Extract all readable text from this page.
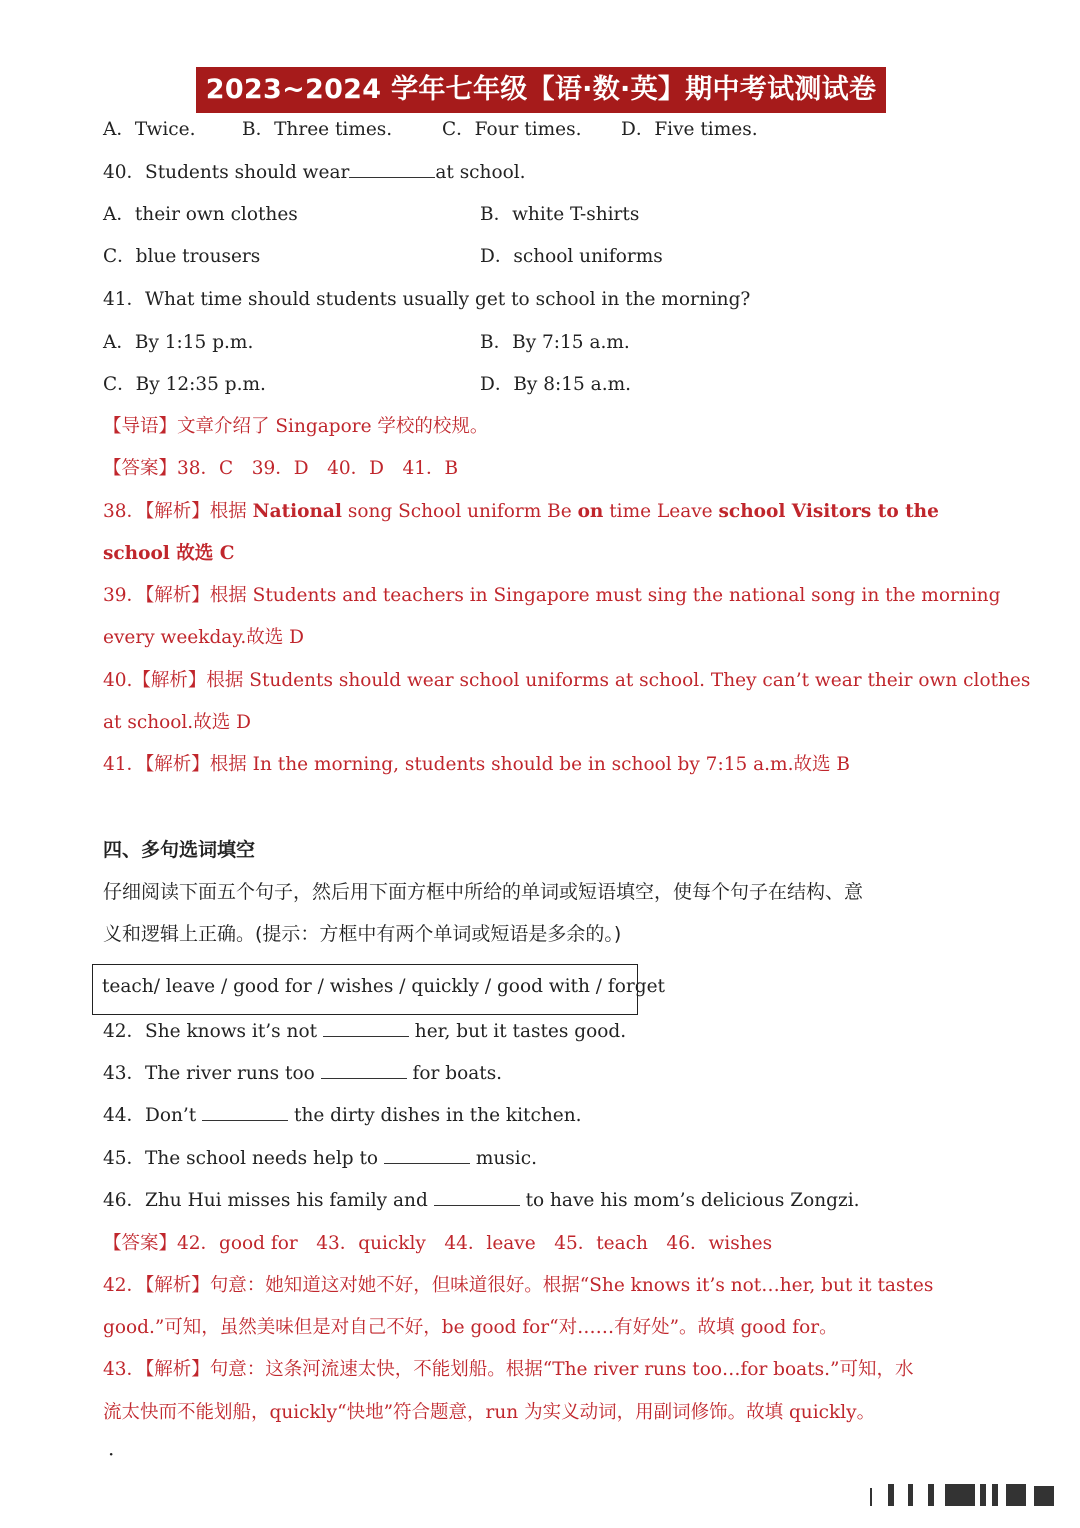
2023~2024 学年七年级【语·数·英】期中考试测试卷
A．Twice.	B．Three times.	C．Four times. D．Five times.
40．Students should wear	at school.
A．their own clothes	B．white T-shirts
C．blue trousers	D．school uniforms
41．What time should students usually get to school in the morning?
A．By 1:15 p.m.	B．By 7:15 a.m.
C．By 12:35 p.m.	D．By 8:15 a.m.
【导语】文章介绍了 Singapore 学校的校规。
【答案】38．C　39．D　40．D　41．B
38．【解析】根据 National song School uniform Be on time Leave school Visitors to the
school 故选 C
39．【解析】根据 Students and teachers in Singapore must sing the national song in the morning
every weekday.故选 D
40.【解析】根据 Students should wear school uniforms at school. They can’t wear their own clothes
at school.故选 D
41．【解析】根据 In the morning, students should be in school by 7:15 a.m.故选 B
四、多句选词填空
仔细阅读下面五个句子，然后用下面方框中所给的单词或短语填空，使每个句子在结构、意
义和逻辑上正确。(提示：方框中有两个单词或短语是多余的。)
teach/ leave / good for / wishes / quickly / good with / forget
42．She knows it’s not	her, but it tastes good.
43．The river runs too	for boats.
44．Don’t	the dirty dishes in the kitchen.
45．The school needs help to	music.
46．Zhu Hui misses his family and	to have his mom’s delicious Zongzi.
【答案】42．good for　43．quickly　44．leave　45．teach　46．wishes
42．【解析】句意：她知道这对她不好，但味道很好。根据“She knows it’s not…her, but it tastes
good.”可知，虽然美味但是对自己不好，be good for“对……有好处”。故填 good for。
43．【解析】句意：这条河流速太快，不能划船。根据“The river runs too…for boats.”可知，水
流太快而不能划船，quickly“快地”符合题意，run 为实义动词，用副词修饰。故填 quickly。
·
